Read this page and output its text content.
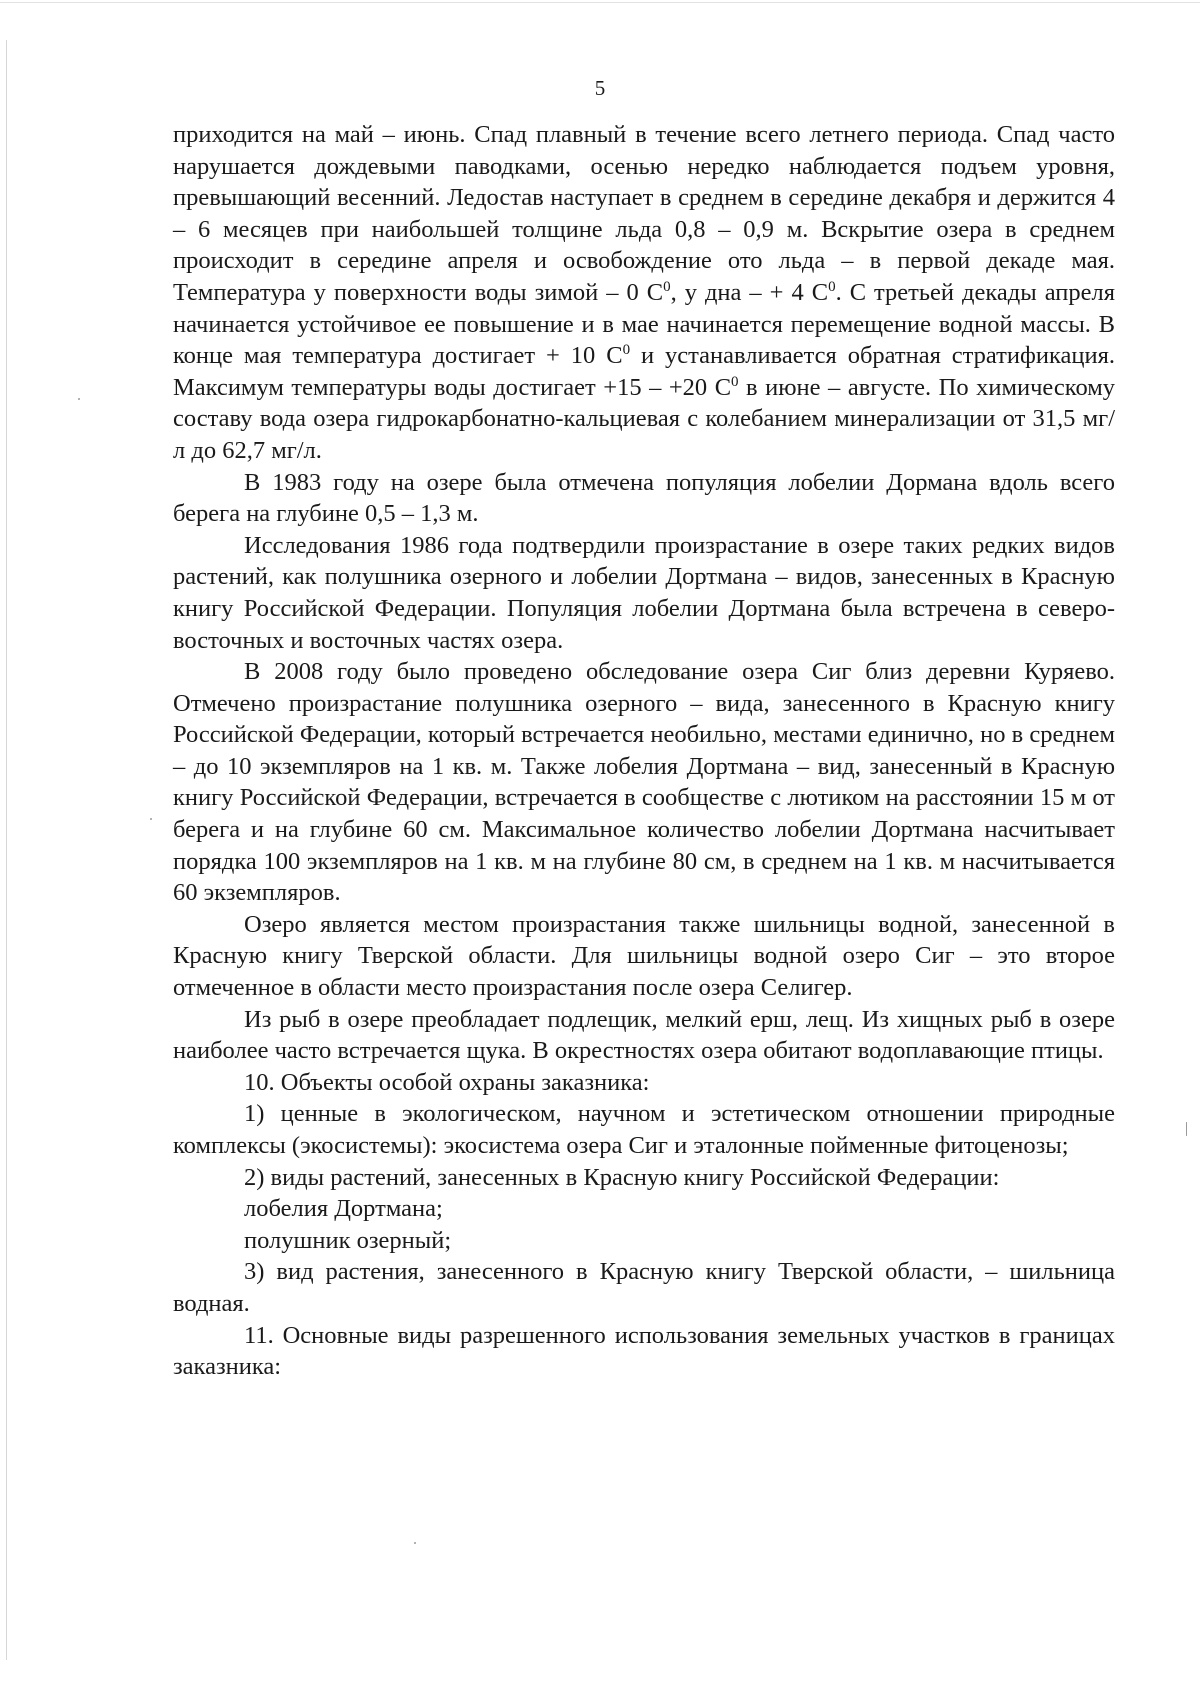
5

приходится на май – июнь. Спад плавный в течение всего летнего периода. Спад часто нарушается дождевыми паводками, осенью нередко наблюдается подъем уровня, превышающий весенний. Ледостав наступает в среднем в середине декабря и держится 4 – 6 месяцев при наибольшей толщине льда 0,8 – 0,9 м. Вскрытие озера в среднем происходит в середине апреля и освобождение ото льда – в первой декаде мая. Температура у поверхности воды зимой – 0 $С^0$, у дна – + 4 $С^0$. С третьей декады апреля начинается устойчивое ее повышение и в мае начинается перемещение водной массы. В конце мая температура достигает + 10 $С^0$ и устанавливается обратная стратификация. Максимум температуры воды достигает +15 – +20 $С^0$ в июне – августе. По химическому составу вода озера гидрокарбонатно-кальциевая с колебанием минерализации от 31,5 мг/л до 62,7 мг/л.

В 1983 году на озере была отмечена популяция лобелии Дормана вдоль всего берега на глубине 0,5 – 1,3 м.

Исследования 1986 года подтвердили произрастание в озере таких редких видов растений, как полушника озерного и лобелии Дортмана – видов, занесенных в Красную книгу Российской Федерации. Популяция лобелии Дортмана была встречена в северо-восточных и восточных частях озера.

В 2008 году было проведено обследование озера Сиг близ деревни Куряево. Отмечено произрастание полушника озерного – вида, занесенного в Красную книгу Российской Федерации, который встречается необильно, местами единично, но в среднем – до 10 экземпляров на 1 кв. м. Также лобелия Дортмана – вид, занесенный в Красную книгу Российской Федерации, встречается в сообществе с лютиком на расстоянии 15 м от берега и на глубине 60 см. Максимальное количество лобелии Дортмана насчитывает порядка 100 экземпляров на 1 кв. м на глубине 80 см, в среднем на 1 кв. м насчитывается 60 экземпляров.

Озеро является местом произрастания также шильницы водной, занесенной в Красную книгу Тверской области. Для шильницы водной озеро Сиг – это второе отмеченное в области место произрастания после озера Селигер.

Из рыб в озере преобладает подлещик, мелкий ерш, лещ. Из хищных рыб в озере наиболее часто встречается щука. В окрестностях озера обитают водоплавающие птицы.

10. Объекты особой охраны заказника:

1) ценные в экологическом, научном и эстетическом отношении природные комплексы (экосистемы): экосистема озера Сиг и эталонные пойменные фитоценозы;

2) виды растений, занесенных в Красную книгу Российской Федерации:

лобелия Дортмана;

полушник озерный;

3) вид растения, занесенного в Красную книгу Тверской области, – шильница водная.

11. Основные виды разрешенного использования земельных участков в границах заказника:
